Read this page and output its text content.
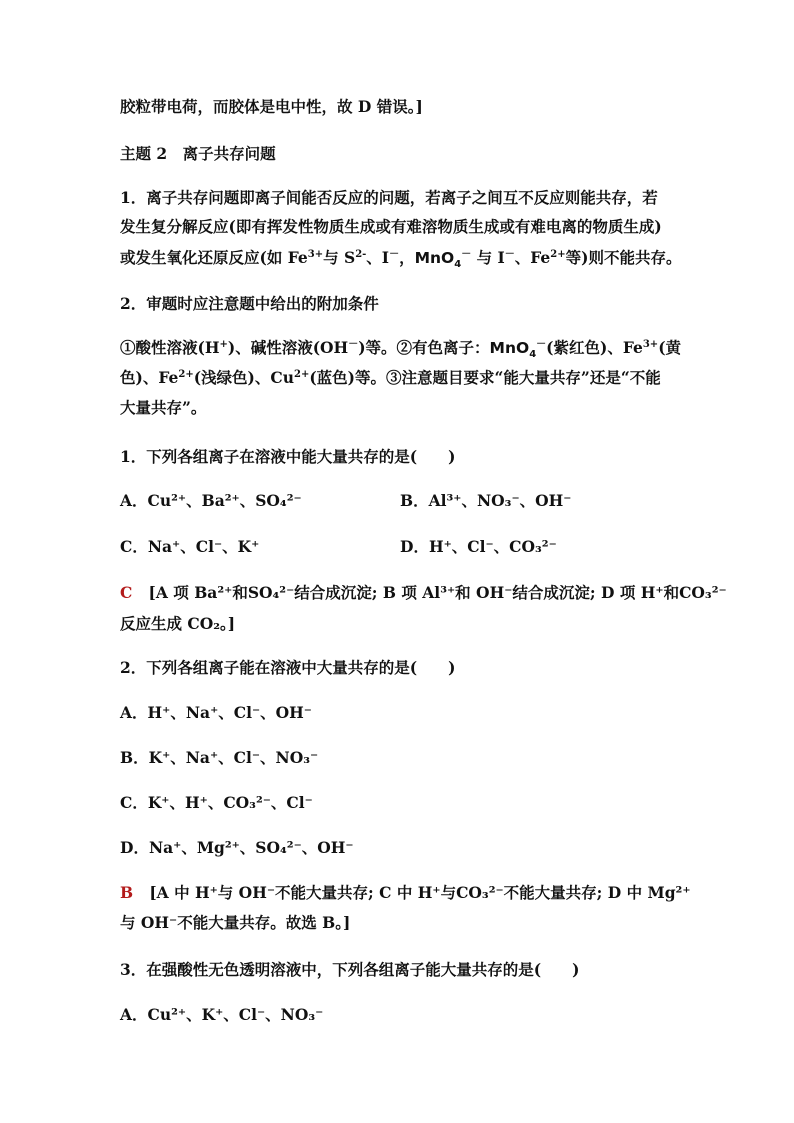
胶粒带电荷，而胶体是电中性，故 D 错误。]
主题 2　离子共存问题
1．离子共存问题即离子间能否反应的问题，若离子之间互不反应则能共存，若
发生复分解反应(即有挥发性物质生成或有难溶物质生成或有难电离的物质生成)
或发生氧化还原反应(如 $Fe^{3+}$与 $S^{2-}$、I－，MnO$_4$－ 与 I－、$Fe^{2+}$等)则不能共存。
2．审题时应注意题中给出的附加条件
①酸性溶液(H+)、碱性溶液(OH－)等。②有色离子：MnO$_4$－(紫红色)、$Fe^{3+}$(黄
色)、$Fe^{2+}$(浅绿色)、$Cu^{2+}$(蓝色)等。③注意题目要求“能大量共存”还是“不能
大量共存”。
1．下列各组离子在溶液中能大量共存的是(　　)
A．Cu²⁺、Ba²⁺、SO₄²⁻	B．Al³⁺、NO₃⁻、OH⁻
C．Na⁺、Cl⁻、K⁺	D．H⁺、Cl⁻、CO₃²⁻
C [A 项 Ba²⁺和SO₄²⁻结合成沉淀; B 项 Al³⁺和 OH⁻结合成沉淀; D 项 H⁺和CO₃²⁻
反应生成 CO₂。]
2．下列各组离子能在溶液中大量共存的是(　　)
A．H⁺、Na⁺、Cl⁻、OH⁻
B．K⁺、Na⁺、Cl⁻、NO₃⁻
C．K⁺、H⁺、CO₃²⁻、Cl⁻
D．Na⁺、Mg²⁺、SO₄²⁻、OH⁻
B [A 中 H⁺与 OH⁻不能大量共存; C 中 H⁺与CO₃²⁻不能大量共存; D 中 Mg²⁺
与 OH⁻不能大量共存。故选 B。]
3．在强酸性无色透明溶液中，下列各组离子能大量共存的是(　　)
A．Cu²⁺、K⁺、Cl⁻、NO₃⁻
